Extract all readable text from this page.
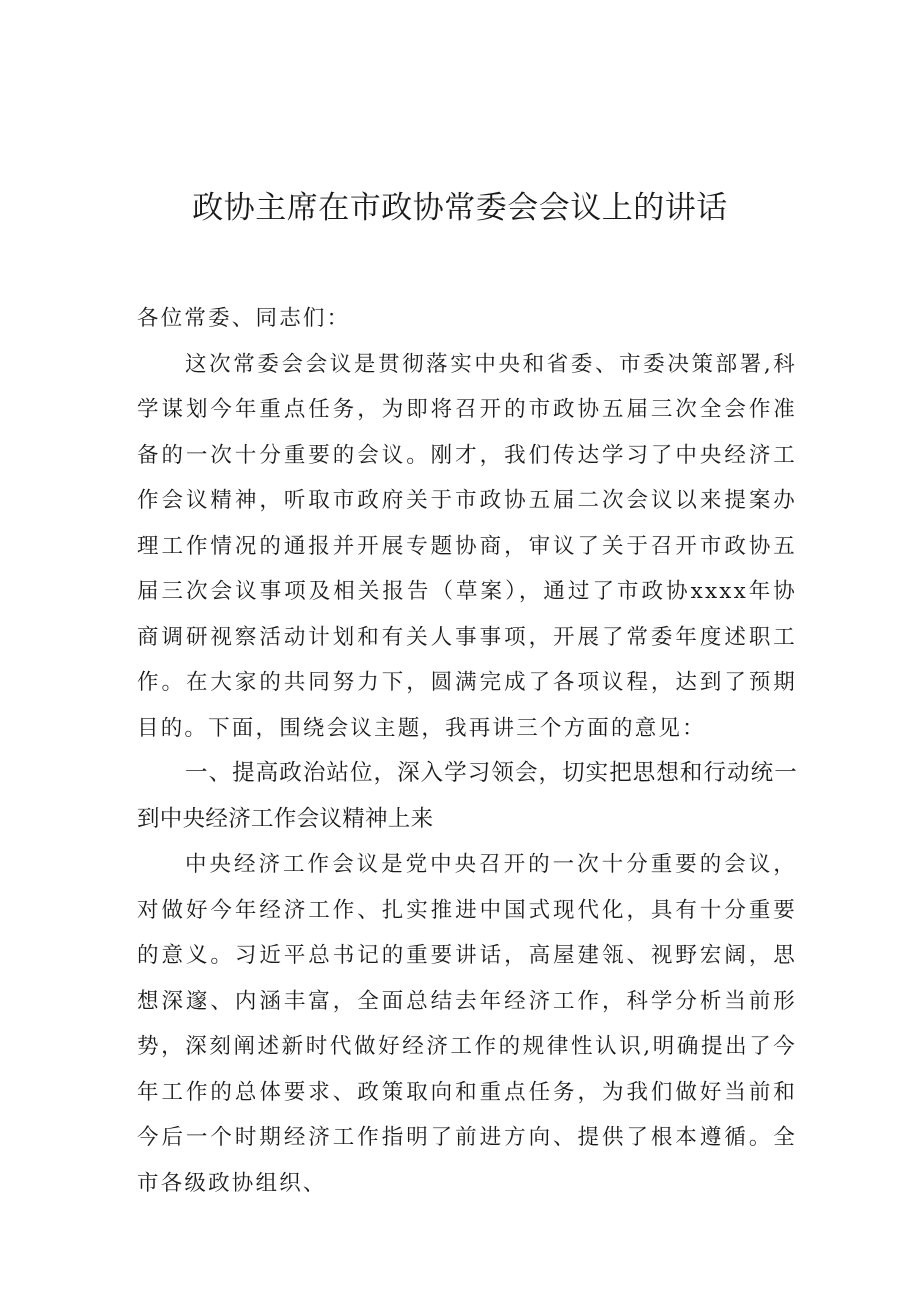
政协主席在市政协常委会会议上的讲话

各位常委、同志们：

这次常委会会议是贯彻落实中央和省委、市委决策部署,科学谋划今年重点任务，为即将召开的市政协五届三次全会作准备的一次十分重要的会议。刚才，我们传达学习了中央经济工作会议精神，听取市政府关于市政协五届二次会议以来提案办理工作情况的通报并开展专题协商，审议了关于召开市政协五届三次会议事项及相关报告（草案），通过了市政协xxxx年协商调研视察活动计划和有关人事事项，开展了常委年度述职工作。在大家的共同努力下，圆满完成了各项议程，达到了预期目的。下面，围绕会议主题，我再讲三个方面的意见：

一、提高政治站位，深入学习领会，切实把思想和行动统一到中央经济工作会议精神上来

中央经济工作会议是党中央召开的一次十分重要的会议，对做好今年经济工作、扎实推进中国式现代化，具有十分重要的意义。习近平总书记的重要讲话，高屋建瓴、视野宏阔，思想深邃、内涵丰富，全面总结去年经济工作，科学分析当前形势，深刻阐述新时代做好经济工作的规律性认识,明确提出了今年工作的总体要求、政策取向和重点任务，为我们做好当前和今后一个时期经济工作指明了前进方向、提供了根本遵循。全市各级政协组织、
